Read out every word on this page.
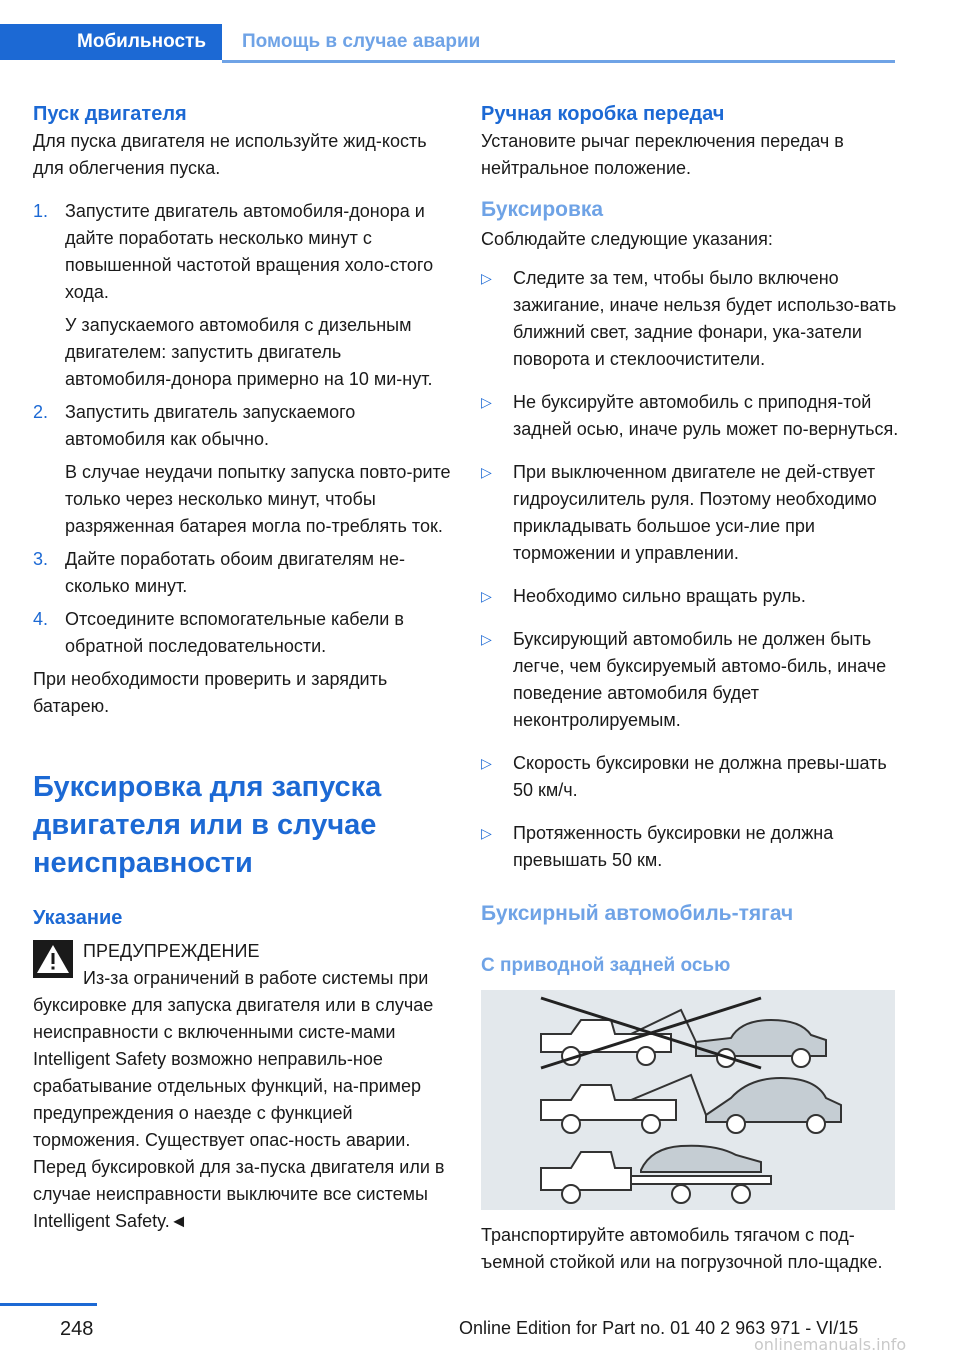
Мобильность Помощь в случае аварии
Пуск двигателя

Для пуска двигателя не используйте жид-кость для облегчения пуска.

1. Запустите двигатель автомобиля-донора и дайте поработать несколько минут с повышенной частотой вращения холо-стого хода.
У запускаемого автомобиля с дизельным двигателем: запустить двигатель автомобиля-донора примерно на 10 ми-нут.
2. Запустить двигатель запускаемого автомобиля как обычно.
В случае неудачи попытку запуска повто-рите только через несколько минут, чтобы разряженная батарея могла по-треблять ток.
3. Дайте поработать обоим двигателям не-сколько минут.
4. Отсоедините вспомогательные кабели в обратной последовательности.

При необходимости проверить и зарядить батарею.

Буксировка для запуска двигателя или в случае неисправности
Указание
ПРЕДУПРЕЖДЕНИЕ

Из-за ограничений в работе системы при буксировке для запуска двигателя или в случае неисправности с включенными систе-мами Intelligent Safety возможно неправиль-ное срабатывание отдельных функций, на-пример предупреждения о наезде с функцией торможения. Существует опас-ность аварии. Перед буксировкой для за-пуска двигателя или в случае неисправности выключите все системы Intelligent Safety.◄

Ручная коробка передач

Установите рычаг переключения передач в нейтральное положение.

Буксировка

Соблюдайте следующие указания:

▷ Следите за тем, чтобы было включено зажигание, иначе нельзя будет использо-вать ближний свет, задние фонари, ука-затели поворота и стеклоочистители.
▷ Не буксируйте автомобиль с приподня-той задней осью, иначе руль может по-вернуться.
▷ При выключенном двигателе не дей-ствует гидроусилитель руля. Поэтому необходимо прикладывать большое уси-лие при торможении и управлении.
▷ Необходимо сильно вращать руль.
▷ Буксирующий автомобиль не должен быть легче, чем буксируемый автомо-биль, иначе поведение автомобиля будет неконтролируемым.
▷ Скорость буксировки не должна превы-шать 50 км/ч.
▷ Протяженность буксировки не должна превышать 50 км.
Буксирный автомобиль-тягач
С приводной задней осью

Транспортируйте автомобиль тягачом с под-ъемной стойкой или на погрузочной пло-щадке.

248	Online Edition for Part no. 01 40 2 963 971 - VI/15
onlinemanuals.info
